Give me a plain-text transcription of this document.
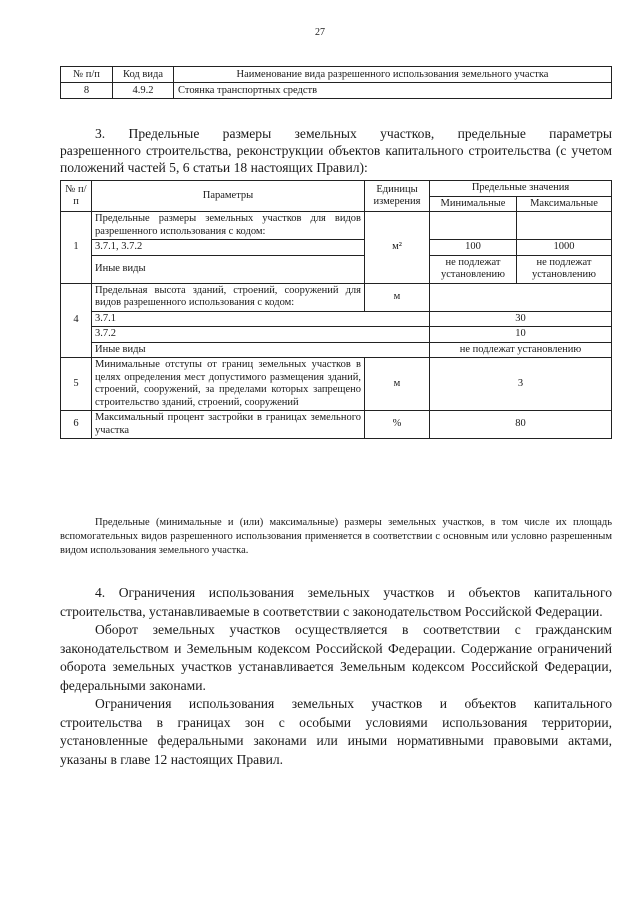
27
№ п/п	Код вида	Наименование вида разрешенного использования земельного участка
8	4.9.2	Стоянка транспортных средств

3. Предельные размеры земельных участков, предельные параметры

разрешенного строительства, реконструкции объектов капитального строительства (с учетом положений частей 5, 6 статьи 18 настоящих Правил):

№ п/п	Параметры	Единицы измерения	Предельные значения	
			Минимальные	Максимальные
1	Предельные размеры земельных участков для видов разрешенного использования с кодом:	м²		
	3.7.1, 3.7.2		100	1000
	Иные виды		не подлежат установлению	не подлежат установлению
4	Предельная высота зданий, строений, сооружений для видов разрешенного использования с кодом:	м		
	3.7.1		30	
	3.7.2		10	
	Иные виды		не подлежат установлению	
5	Минимальные отступы от границ земельных участков в целях определения мест допустимого размещения зданий, строений, сооружений, за пределами которых запрещено строительство зданий, строений, сооружений	м	3	
6	Максимальный процент застройки в границах земельного участка	%	80	

Предельные (минимальные и (или) максимальные) размеры земельных участков, в том числе их площадь вспомогательных видов разрешенного использования применяется в соответствии с основным или условно разрешенным видом использования земельного участка.

4. Ограничения использования земельных участков и объектов капитального строительства, устанавливаемые в соответствии с законодательством Российской Федерации.

Оборот земельных участков осуществляется в соответствии с гражданским законодательством и Земельным кодексом Российской Федерации. Содержание ограничений оборота земельных участков устанавливается Земельным кодексом Российской Федерации, федеральными законами.

Ограничения использования земельных участков и объектов капитального строительства в границах зон с особыми условиями использования территории, установленные федеральными законами или иными нормативными правовыми актами, указаны в главе 12 настоящих Правил.
